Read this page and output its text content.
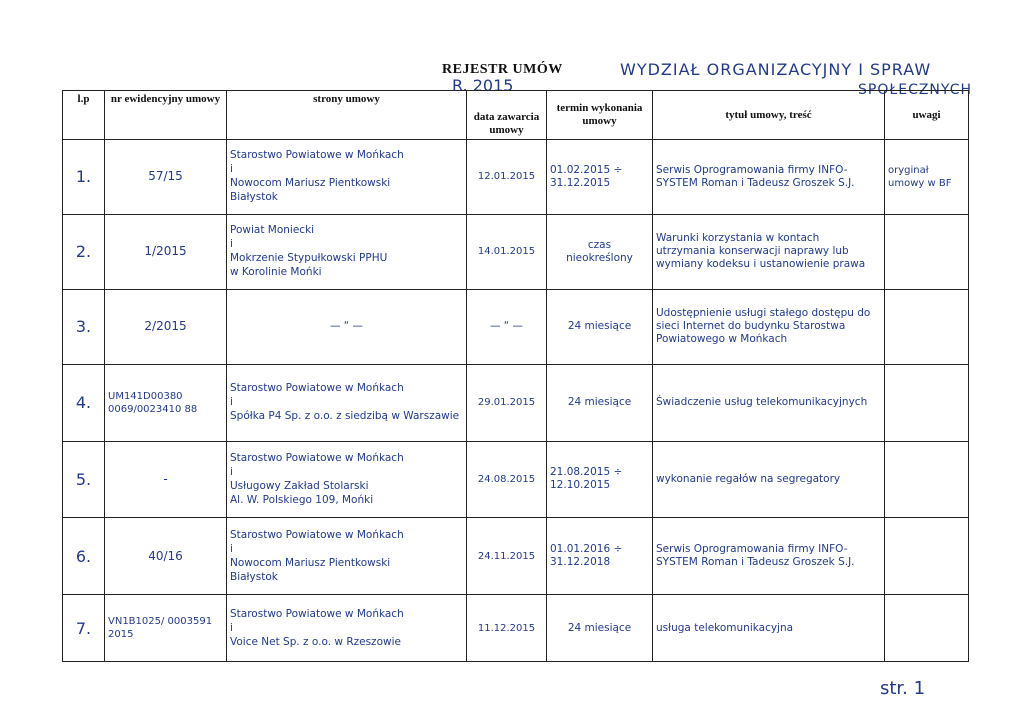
REJESTR UMÓW
R. 2015
WYDZIAŁ ORGANIZACYJNY I SPRAW
SPOŁECZNYCH
l.p	nr ewidencyjny umowy	strony umowy	data zawarcia umowy	termin wykonania umowy	tytuł umowy, treść	uwagi
1.	57/15	Starostwo Powiatowe w Mońkach
i
Nowocom Mariusz Pientkowski
Białystok	12.01.2015	01.02.2015 ÷
31.12.2015	Serwis Oprogramowania firmy INFO-SYSTEM Roman i Tadeusz Groszek S.J.	oryginał umowy w BF
2.	1/2015	Powiat Moniecki
i
Mokrzenie Stypułkowski PPHU
w Korolinie Mońki	14.01.2015	czas
nieokreślony	Warunki korzystania w kontach utrzymania konserwacji naprawy lub wymiany kodeksu i ustanowienie prawa	
3.	2/2015	— “ —	— “ —	24 miesiące	Udostępnienie usługi stałego dostępu do sieci Internet do budynku Starostwa Powiatowego w Mońkach	
4.	UM141D00380 0069/0023410 88	Starostwo Powiatowe w Mońkach
i
Spółka P4 Sp. z o.o. z siedzibą w Warszawie	29.01.2015	24 miesiące	Świadczenie usług telekomunikacyjnych	
5.	-	Starostwo Powiatowe w Mońkach
i
Usługowy Zakład Stolarski
Al. W. Polskiego 109, Mońki	24.08.2015	21.08.2015 ÷
12.10.2015	wykonanie regałów na segregatory	
6.	40/16	Starostwo Powiatowe w Mońkach
i
Nowocom Mariusz Pientkowski
Białystok	24.11.2015	01.01.2016 ÷
31.12.2018	Serwis Oprogramowania firmy INFO-SYSTEM Roman i Tadeusz Groszek S.J.	
7.	VN1B1025/ 0003591 2015	Starostwo Powiatowe w Mońkach
i
Voice Net Sp. z o.o. w Rzeszowie	11.12.2015	24 miesiące	usługa telekomunikacyjna	
str. 1
